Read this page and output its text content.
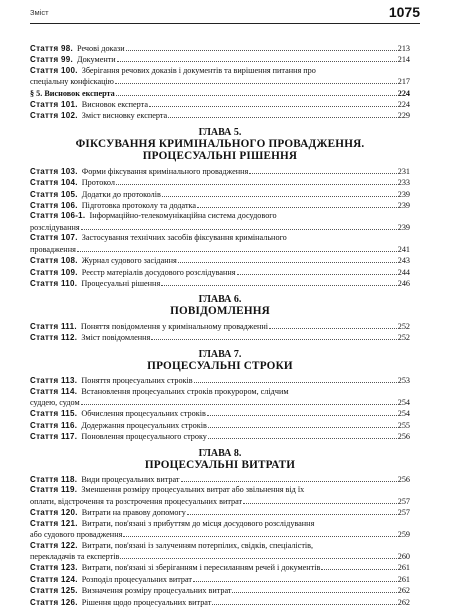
Зміст	1075
Стаття 98. Речові докази	213
Стаття 99. Документи	214
Стаття 100. Зберігання речових доказів і документів та вирішення питання про
спеціальну конфіскацію	217
§ 5. Висновок експерта	224
Стаття 101. Висновок експерта	224
Стаття 102. Зміст висновку експерта	229
ГЛАВА 5.
ФІКСУВАННЯ КРИМІНАЛЬНОГО ПРОВАДЖЕННЯ.
ПРОЦЕСУАЛЬНІ РІШЕННЯ
Стаття 103. Форми фіксування кримінального провадження	231
Стаття 104. Протокол	233
Стаття 105. Додатки до протоколів	239
Стаття 106. Підготовка протоколу та додатка	239
Стаття 106-1. Інформаційно-телекомунікаційна система досудового
розслідування	239
Стаття 107. Застосування технічних засобів фіксування кримінального
провадження	241
Стаття 108. Журнал судового засідання	243
Стаття 109. Реєстр матеріалів досудового розслідування	244
Стаття 110. Процесуальні рішення	246
ГЛАВА 6.
ПОВІДОМЛЕННЯ
Стаття 111. Поняття повідомлення у кримінальному провадженні	252
Стаття 112. Зміст повідомлення	252
ГЛАВА 7.
ПРОЦЕСУАЛЬНІ СТРОКИ
Стаття 113. Поняття процесуальних строків	253
Стаття 114. Встановлення процесуальних строків прокурором, слідчим
суддею, судом	254
Стаття 115. Обчислення процесуальних строків	254
Стаття 116. Додержання процесуальних строків	255
Стаття 117. Поновлення процесуального строку	256
ГЛАВА 8.
ПРОЦЕСУАЛЬНІ ВИТРАТИ
Стаття 118. Види процесуальних витрат	256
Стаття 119. Зменшення розміру процесуальних витрат або звільнення від їх
оплати, відстрочення та розстрочення процесуальних витрат	257
Стаття 120. Витрати на правову допомогу	257
Стаття 121. Витрати, пов'язані з прибуттям до місця досудового розслідування
або судового провадження	259
Стаття 122. Витрати, пов'язані із залученням потерпілих, свідків, спеціалістів,
перекладачів та експертів	260
Стаття 123. Витрати, пов'язані зі зберіганням і пересиланням речей і документів	261
Стаття 124. Розподіл процесуальних витрат	261
Стаття 125. Визначення розміру процесуальних витрат	262
Стаття 126. Рішення щодо процесуальних витрат	262
